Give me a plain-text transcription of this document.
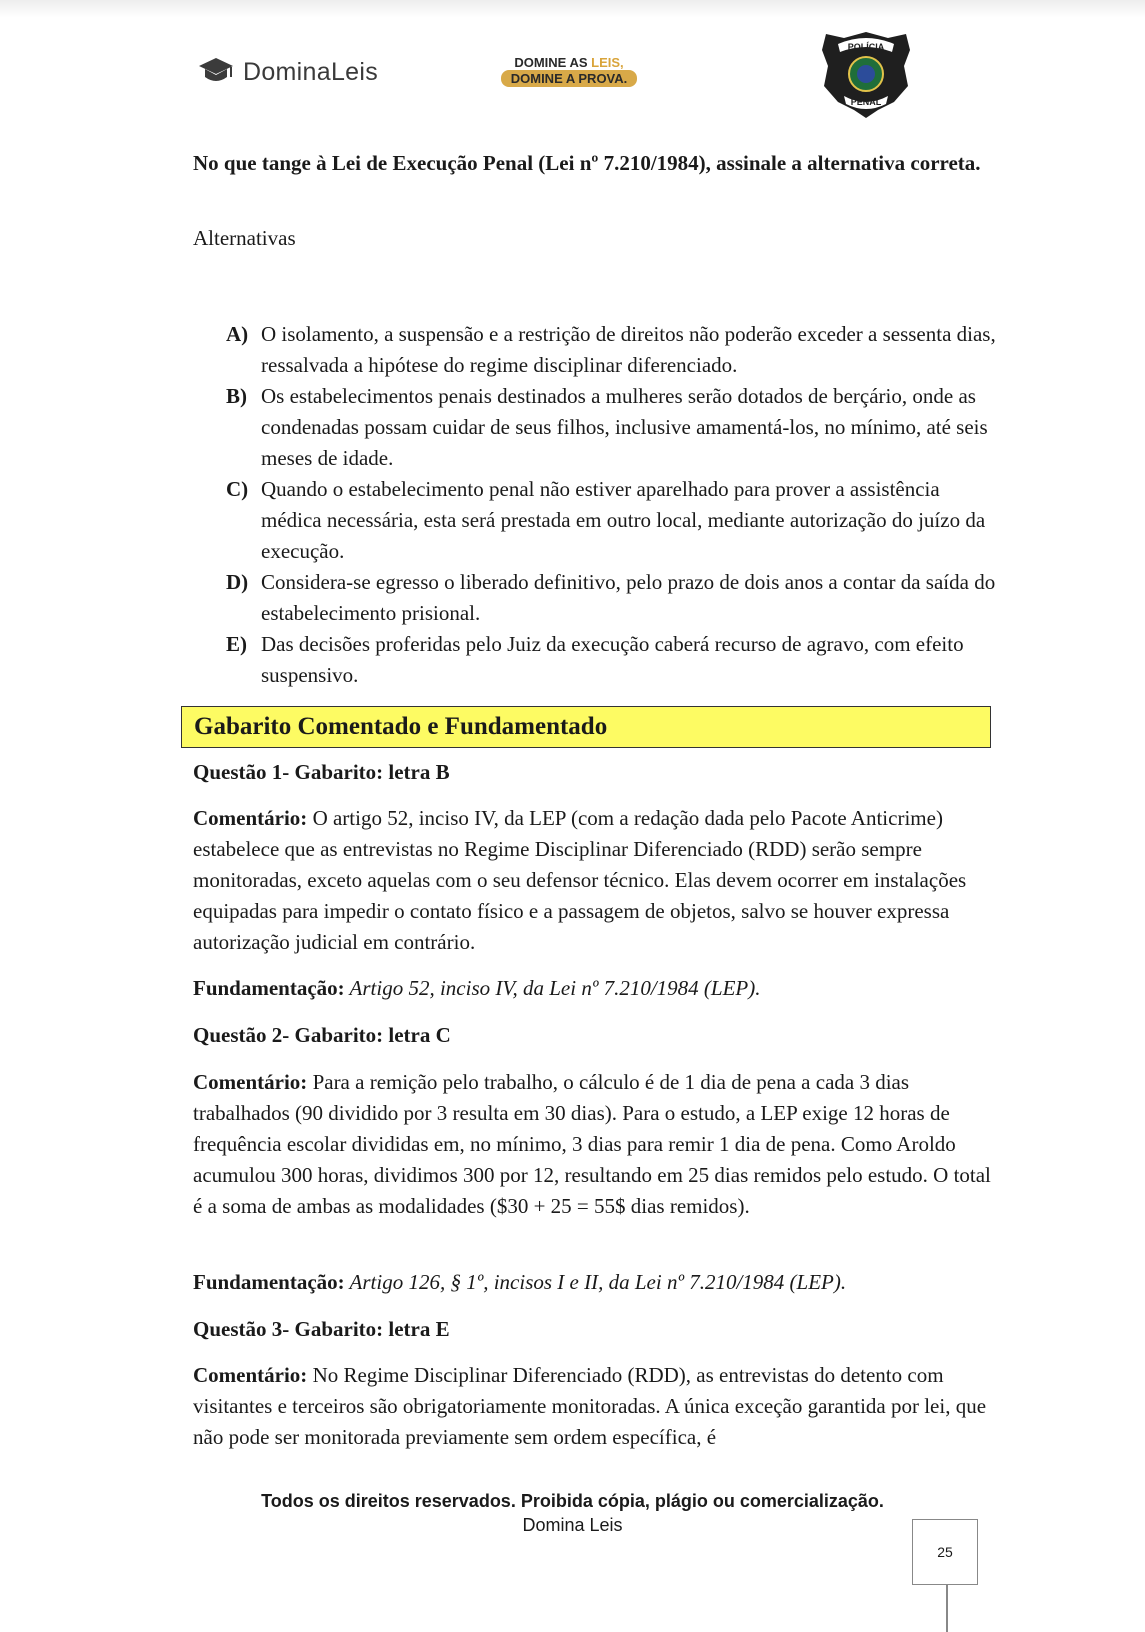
DominaLeis	DOMINE AS LEIS,
DOMINE A PROVA.
POLÍCIA
PENAL

No que tange à Lei de Execução Penal (Lei nº 7.210/1984), assinale a alternativa correta.

Alternativas
A) O isolamento, a suspensão e a restrição de direitos não poderão exceder a sessenta dias, ressalvada a hipótese do regime disciplinar diferenciado.
B) Os estabelecimentos penais destinados a mulheres serão dotados de berçário, onde as condenadas possam cuidar de seus filhos, inclusive amamentá-los, no mínimo, até seis meses de idade.
C) Quando o estabelecimento penal não estiver aparelhado para prover a assistência médica necessária, esta será prestada em outro local, mediante autorização do juízo da execução.
D) Considera-se egresso o liberado definitivo, pelo prazo de dois anos a contar da saída do estabelecimento prisional.
E) Das decisões proferidas pelo Juiz da execução caberá recurso de agravo, com efeito suspensivo.
Gabarito Comentado e Fundamentado

Questão 1- Gabarito: letra B

Comentário: O artigo 52, inciso IV, da LEP (com a redação dada pelo Pacote Anticrime) estabelece que as entrevistas no Regime Disciplinar Diferenciado (RDD) serão sempre monitoradas, exceto aquelas com o seu defensor técnico. Elas devem ocorrer em instalações equipadas para impedir o contato físico e a passagem de objetos, salvo se houver expressa autorização judicial em contrário.

Fundamentação: Artigo 52, inciso IV, da Lei nº 7.210/1984 (LEP).

Questão 2- Gabarito: letra C

Comentário: Para a remição pelo trabalho, o cálculo é de 1 dia de pena a cada 3 dias trabalhados (90 dividido por 3 resulta em 30 dias). Para o estudo, a LEP exige 12 horas de frequência escolar divididas em, no mínimo, 3 dias para remir 1 dia de pena. Como Aroldo acumulou 300 horas, dividimos 300 por 12, resultando em 25 dias remidos pelo estudo. O total é a soma de ambas as modalidades ($30 + 25 = 55$ dias remidos).

Fundamentação: Artigo 126, § 1º, incisos I e II, da Lei nº 7.210/1984 (LEP).

Questão 3- Gabarito: letra E

Comentário: No Regime Disciplinar Diferenciado (RDD), as entrevistas do detento com visitantes e terceiros são obrigatoriamente monitoradas. A única exceção garantida por lei, que não pode ser monitorada previamente sem ordem específica, é

Todos os direitos reservados. Proibida cópia, plágio ou comercialização.
Domina Leis
25
